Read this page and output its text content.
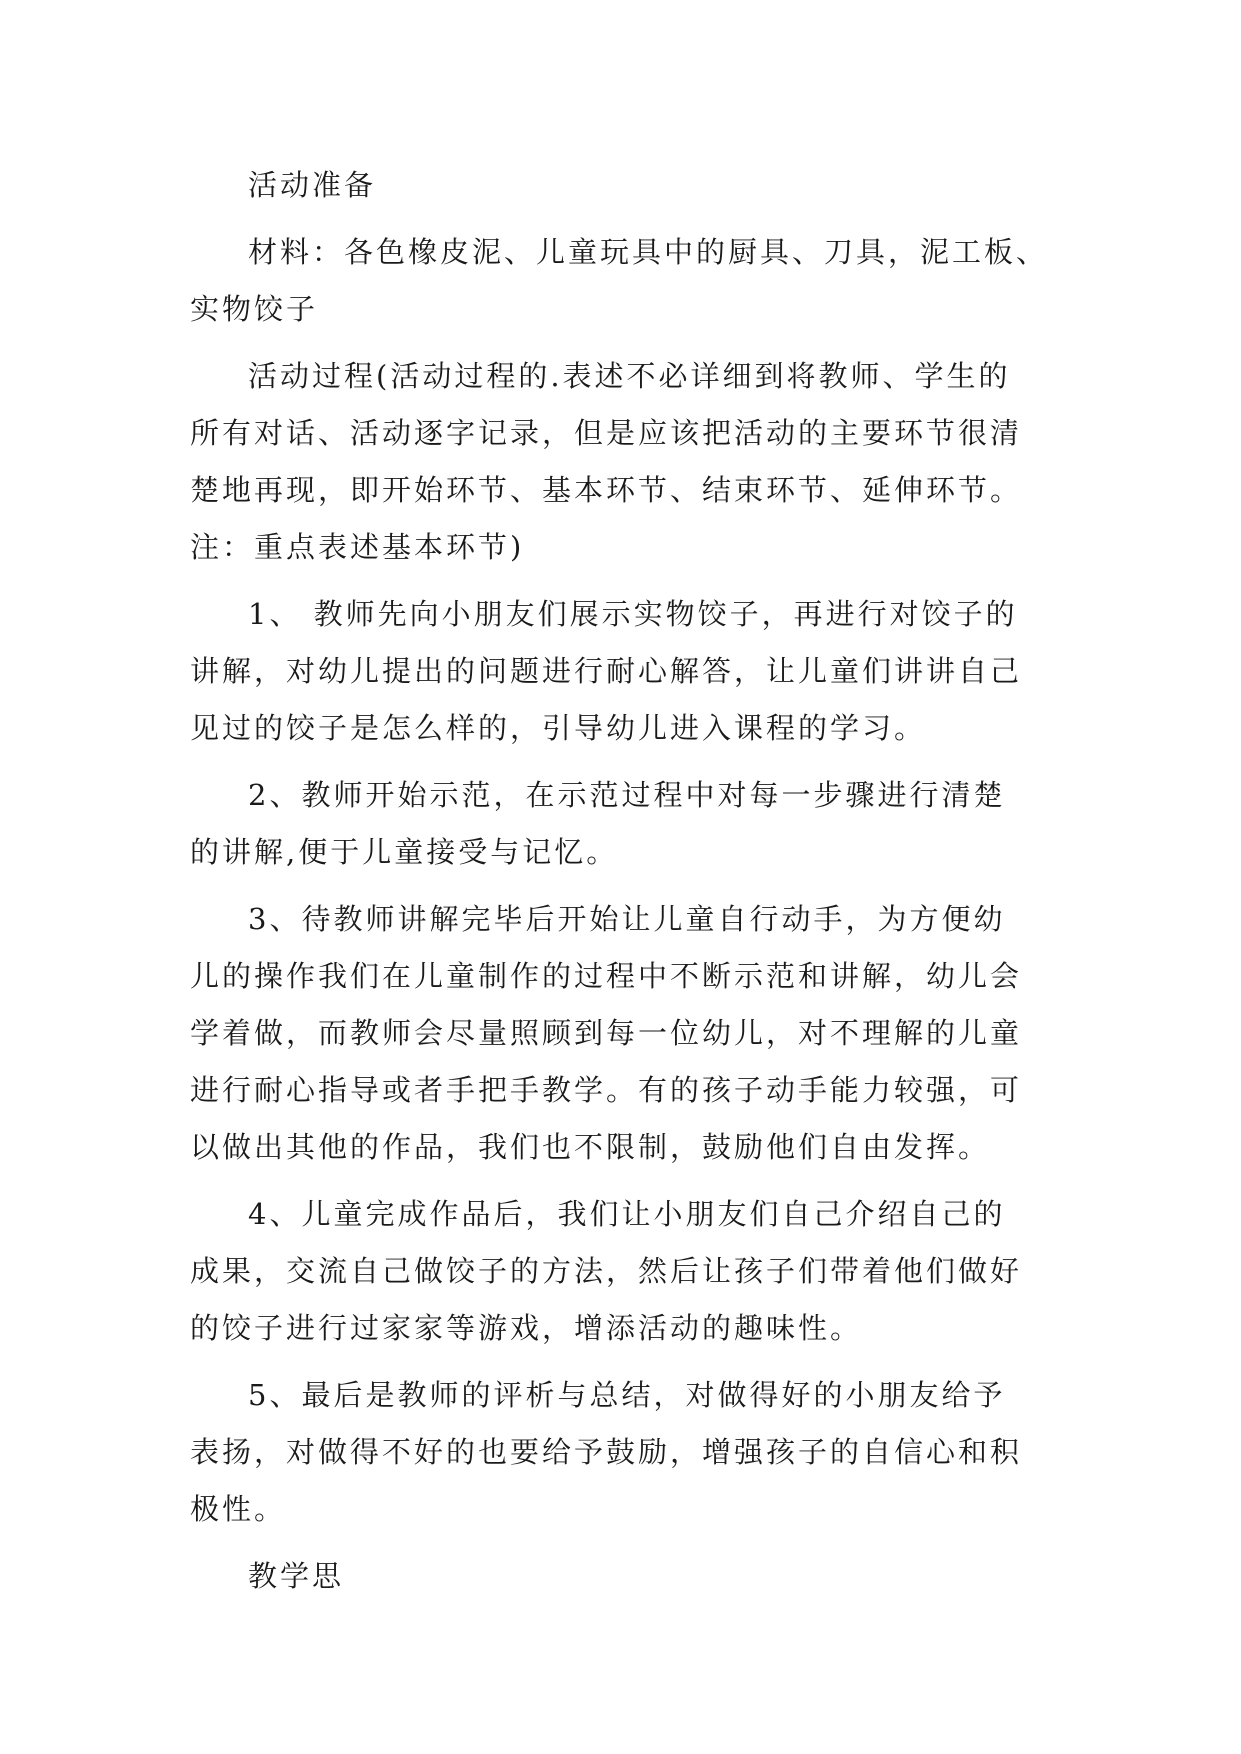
活动准备

材料：各色橡皮泥、儿童玩具中的厨具、刀具，泥工板、
实物饺子

活动过程(活动过程的.表述不必详细到将教师、学生的
所有对话、活动逐字记录，但是应该把活动的主要环节很清
楚地再现，即开始环节、基本环节、结束环节、延伸环节。
注：重点表述基本环节)

1、 教师先向小朋友们展示实物饺子，再进行对饺子的
讲解，对幼儿提出的问题进行耐心解答，让儿童们讲讲自己
见过的饺子是怎么样的，引导幼儿进入课程的学习。

2、教师开始示范，在示范过程中对每一步骤进行清楚
的讲解,便于儿童接受与记忆。

3、待教师讲解完毕后开始让儿童自行动手，为方便幼
儿的操作我们在儿童制作的过程中不断示范和讲解，幼儿会
学着做，而教师会尽量照顾到每一位幼儿，对不理解的儿童
进行耐心指导或者手把手教学。有的孩子动手能力较强，可
以做出其他的作品，我们也不限制，鼓励他们自由发挥。

4、儿童完成作品后，我们让小朋友们自己介绍自己的
成果，交流自己做饺子的方法，然后让孩子们带着他们做好
的饺子进行过家家等游戏，增添活动的趣味性。

5、最后是教师的评析与总结，对做得好的小朋友给予
表扬，对做得不好的也要给予鼓励，增强孩子的自信心和积
极性。

教学思
